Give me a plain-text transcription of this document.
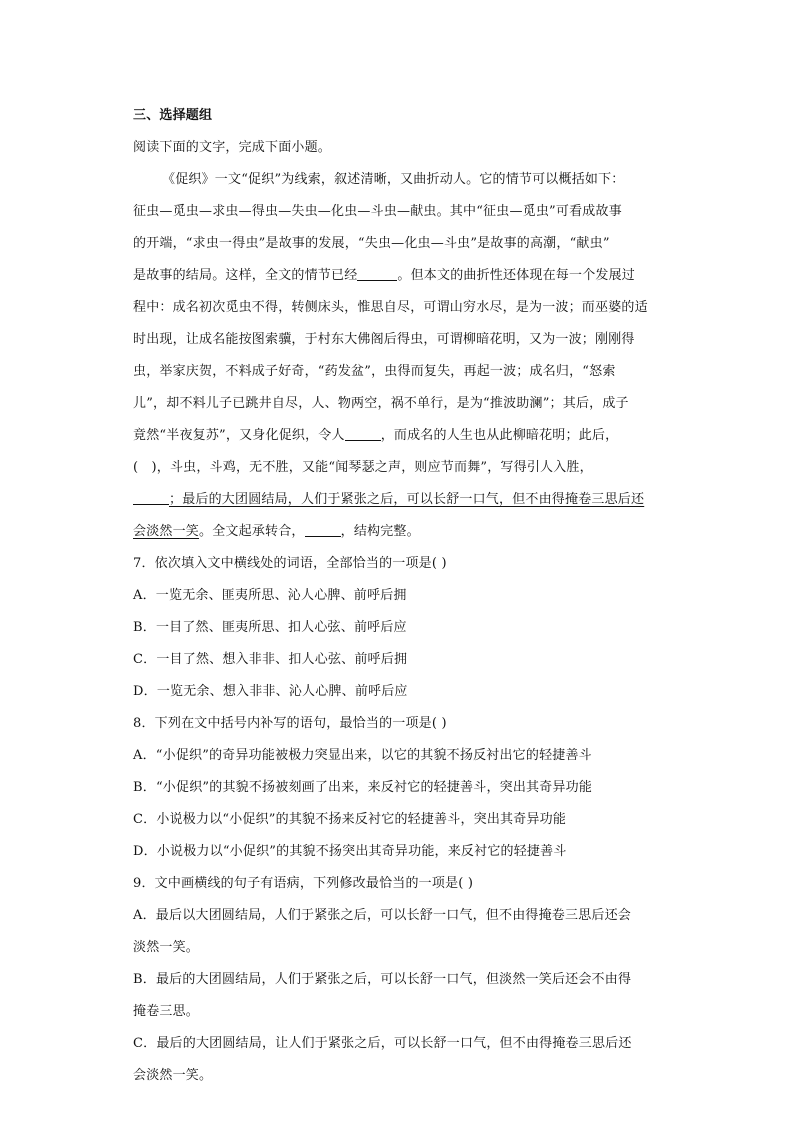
三、选择题组
阅读下面的文字，完成下面小题。
《促织》一文“促织”为线索，叙述清晰，又曲折动人。它的情节可以概括如下：
征虫—觅虫—求虫—得虫—失虫—化虫—斗虫—献虫。其中“征虫—觅虫”可看成故事
的开端，“求虫一得虫”是故事的发展，“失虫—化虫—斗虫”是故事的高潮，“献虫”
是故事的结局。这样，全文的情节已经	。但本文的曲折性还体现在每一个发展过
程中：成名初次觅虫不得，转侧床头，惟思自尽，可谓山穷水尽，是为一波；而巫婆的适
时出现，让成名能按图索骥，于村东大佛阁后得虫，可谓柳暗花明，又为一波；刚刚得
虫，举家庆贺，不料成子好奇，“药发盆”，虫得而复失，再起一波；成名归，“怒索
儿”，却不料儿子已跳井自尽，人、物两空，祸不单行，是为“推波助澜”；其后，成子
竟然“半夜复苏”，又身化促织，令人	，而成名的人生也从此柳暗花明；此后，
(　)，斗虫，斗鸡，无不胜，又能“闻琴瑟之声，则应节而舞”，写得引人入胜，
；最后的大团圆结局，人们于紧张之后，可以长舒一口气，但不由得掩卷三思后还
会淡然一笑。全文起承转合，	，结构完整。
7．依次填入文中横线处的词语，全部恰当的一项是( )
A．一览无余、匪夷所思、沁人心脾、前呼后拥
B．一目了然、匪夷所思、扣人心弦、前呼后应
C．一目了然、想入非非、扣人心弦、前呼后拥
D．一览无余、想入非非、沁人心脾、前呼后应
8．下列在文中括号内补写的语句，最恰当的一项是( )
A．“小促织”的奇异功能被极力突显出来，以它的其貌不扬反衬出它的轻捷善斗
B．“小促织”的其貌不扬被刻画了出来，来反衬它的轻捷善斗，突出其奇异功能
C．小说极力以“小促织”的其貌不扬来反衬它的轻捷善斗，突出其奇异功能
D．小说极力以“小促织”的其貌不扬突出其奇异功能，来反衬它的轻捷善斗
9．文中画横线的句子有语病，下列修改最恰当的一项是( )
A．最后以大团圆结局，人们于紧张之后，可以长舒一口气，但不由得掩卷三思后还会
淡然一笑。
B．最后的大团圆结局，人们于紧张之后，可以长舒一口气，但淡然一笑后还会不由得
掩卷三思。
C．最后的大团圆结局，让人们于紧张之后，可以长舒一口气，但不由得掩卷三思后还
会淡然一笑。
